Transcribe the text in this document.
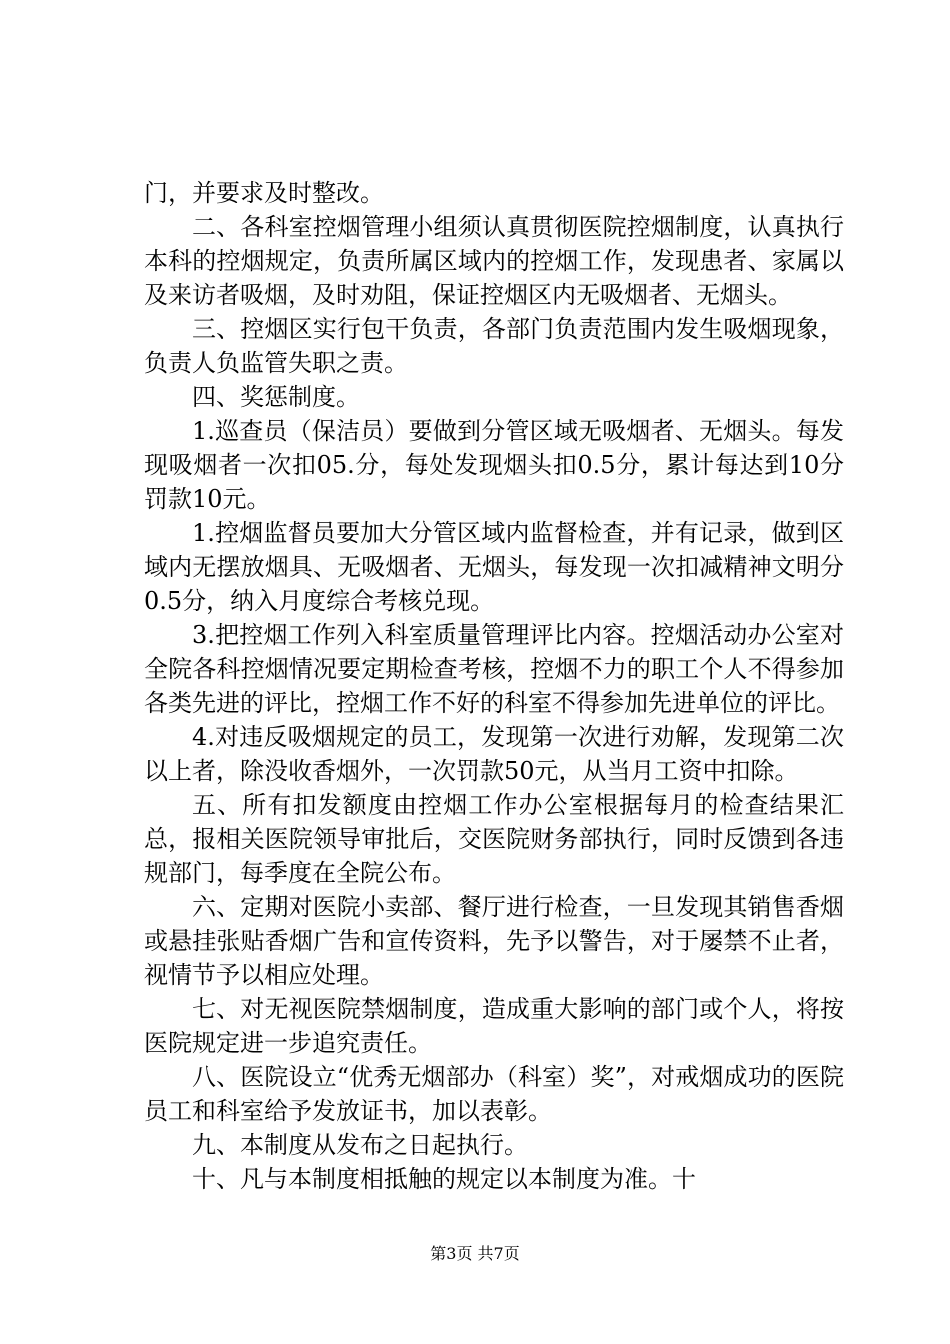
门，并要求及时整改。

二、各科室控烟管理小组须认真贯彻医院控烟制度，认真执行本科的控烟规定，负责所属区域内的控烟工作，发现患者、家属以及来访者吸烟，及时劝阻，保证控烟区内无吸烟者、无烟头。

三、控烟区实行包干负责，各部门负责范围内发生吸烟现象，负责人负监管失职之责。

四、奖惩制度。

1.巡查员（保洁员）要做到分管区域无吸烟者、无烟头。每发现吸烟者一次扣05.分，每处发现烟头扣0.5分，累计每达到10分罚款10元。

1.控烟监督员要加大分管区域内监督检查，并有记录，做到区域内无摆放烟具、无吸烟者、无烟头，每发现一次扣减精神文明分0.5分，纳入月度综合考核兑现。

3.把控烟工作列入科室质量管理评比内容。控烟活动办公室对全院各科控烟情况要定期检查考核，控烟不力的职工个人不得参加各类先进的评比，控烟工作不好的科室不得参加先进单位的评比。

4.对违反吸烟规定的员工，发现第一次进行劝解，发现第二次以上者，除没收香烟外，一次罚款50元，从当月工资中扣除。

五、所有扣发额度由控烟工作办公室根据每月的检查结果汇总，报相关医院领导审批后，交医院财务部执行，同时反馈到各违规部门，每季度在全院公布。

六、定期对医院小卖部、餐厅进行检查，一旦发现其销售香烟或悬挂张贴香烟广告和宣传资料，先予以警告，对于屡禁不止者，视情节予以相应处理。

七、对无视医院禁烟制度，造成重大影响的部门或个人，将按医院规定进一步追究责任。

八、医院设立“优秀无烟部办（科室）奖”，对戒烟成功的医院员工和科室给予发放证书，加以表彰。

九、本制度从发布之日起执行。

十、凡与本制度相抵触的规定以本制度为准。十

第3页 共7页
